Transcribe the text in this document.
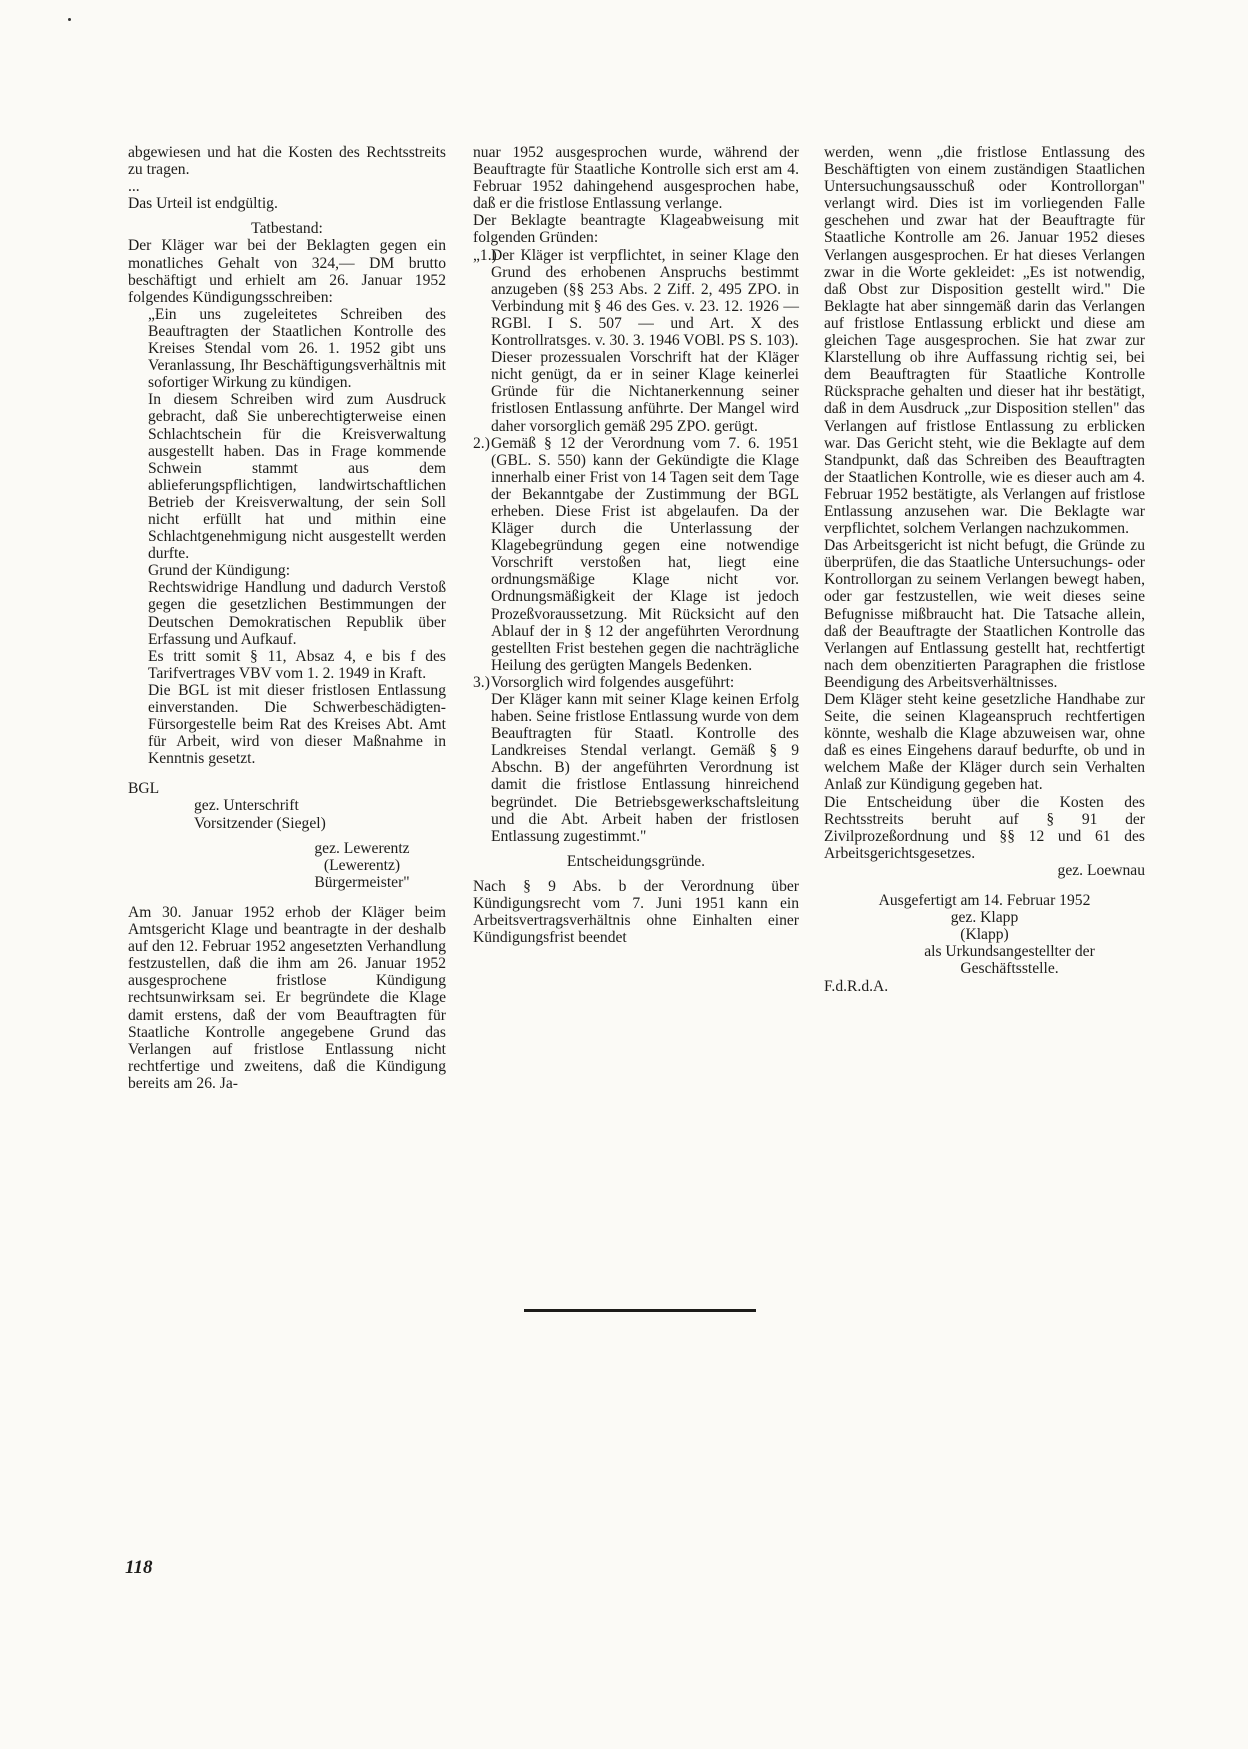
abgewiesen und hat die Kosten des Rechtsstreits zu tragen.

...

Das Urteil ist endgültig.

Tatbestand:

Der Kläger war bei der Beklagten gegen ein monatliches Gehalt von 324,— DM brutto beschäftigt und erhielt am 26. Januar 1952 folgendes Kündigungsschreiben:

„Ein uns zugeleitetes Schreiben des Beauftragten der Staatlichen Kontrolle des Kreises Stendal vom 26. 1. 1952 gibt uns Veranlassung, Ihr Beschäftigungsverhältnis mit sofortiger Wirkung zu kündigen.

In diesem Schreiben wird zum Ausdruck gebracht, daß Sie unberechtigterweise einen Schlachtschein für die Kreisverwaltung ausgestellt haben. Das in Frage kommende Schwein stammt aus dem ablieferungspflichtigen, landwirtschaftlichen Betrieb der Kreisverwaltung, der sein Soll nicht erfüllt hat und mithin eine Schlachtgenehmigung nicht ausgestellt werden durfte.

Grund der Kündigung:

Rechtswidrige Handlung und dadurch Verstoß gegen die gesetzlichen Bestimmungen der Deutschen Demokratischen Republik über Erfassung und Aufkauf.

Es tritt somit § 11, Absaz 4, e bis f des Tarifvertrages VBV vom 1. 2. 1949 in Kraft.

Die BGL ist mit dieser fristlosen Entlassung einverstanden. Die Schwerbeschädigten-Fürsorgestelle beim Rat des Kreises Abt. Amt für Arbeit, wird von dieser Maßnahme in Kenntnis gesetzt.

BGL

gez. Unterschrift

Vorsitzender (Siegel)

gez. Lewerentz

(Lewerentz)

Bürgermeister"

Am 30. Januar 1952 erhob der Kläger beim Amtsgericht Klage und beantragte in der deshalb auf den 12. Februar 1952 angesetzten Verhandlung festzustellen, daß die ihm am 26. Januar 1952 ausgesprochene fristlose Kündigung rechtsunwirksam sei. Er begründete die Klage damit erstens, daß der vom Beauftragten für Staatliche Kontrolle angegebene Grund das Verlangen auf fristlose Entlassung nicht rechtfertige und zweitens, daß die Kündigung bereits am 26. Ja-

nuar 1952 ausgesprochen wurde, während der Beauftragte für Staatliche Kontrolle sich erst am 4. Februar 1952 dahingehend ausgesprochen habe, daß er die fristlose Entlassung verlange.

Der Beklagte beantragte Klageabweisung mit folgenden Gründen:

„1.)

Der Kläger ist verpflichtet, in seiner Klage den Grund des erhobenen Anspruchs bestimmt anzugeben (§§ 253 Abs. 2 Ziff. 2, 495 ZPO. in Verbindung mit § 46 des Ges. v. 23. 12. 1926 — RGBl. I S. 507 — und Art. X des Kontrollratsges. v. 30. 3. 1946 VOBl. PS S. 103).

Dieser prozessualen Vorschrift hat der Kläger nicht genügt, da er in seiner Klage keinerlei Gründe für die Nichtanerkennung seiner fristlosen Entlassung anführte. Der Mangel wird daher vorsorglich gemäß 295 ZPO. gerügt.

2.) Gemäß § 12 der Verordnung vom 7. 6. 1951 (GBL. S. 550) kann der Gekündigte die Klage innerhalb einer Frist von 14 Tagen seit dem Tage der Bekanntgabe der Zustimmung der BGL erheben. Diese Frist ist abgelaufen. Da der Kläger durch die Unterlassung der Klagebegründung gegen eine notwendige Vorschrift verstoßen hat, liegt eine ordnungsmäßige Klage nicht vor. Ordnungsmäßigkeit der Klage ist jedoch Prozeßvoraussetzung. Mit Rücksicht auf den Ablauf der in § 12 der angeführten Verordnung gestellten Frist bestehen gegen die nachträgliche Heilung des gerügten Mangels Bedenken.

3.) Vorsorglich wird folgendes ausgeführt:

Der Kläger kann mit seiner Klage keinen Erfolg haben. Seine fristlose Entlassung wurde von dem Beauftragten für Staatl. Kontrolle des Landkreises Stendal verlangt. Gemäß § 9 Abschn. B) der angeführten Verordnung ist damit die fristlose Entlassung hinreichend begründet. Die Betriebsgewerkschaftsleitung und die Abt. Arbeit haben der fristlosen Entlassung zugestimmt."

Entscheidungsgründe.

Nach § 9 Abs. b der Verordnung über Kündigungsrecht vom 7. Juni 1951 kann ein Arbeitsvertragsverhältnis ohne Einhalten einer Kündigungsfrist beendet

werden, wenn „die fristlose Entlassung des Beschäftigten von einem zuständigen Staatlichen Untersuchungsausschuß oder Kontrollorgan" verlangt wird. Dies ist im vorliegenden Falle geschehen und zwar hat der Beauftragte für Staatliche Kontrolle am 26. Januar 1952 dieses Verlangen ausgesprochen. Er hat dieses Verlangen zwar in die Worte gekleidet: „Es ist notwendig, daß Obst zur Disposition gestellt wird." Die Beklagte hat aber sinngemäß darin das Verlangen auf fristlose Entlassung erblickt und diese am gleichen Tage ausgesprochen. Sie hat zwar zur Klarstellung ob ihre Auffassung richtig sei, bei dem Beauftragten für Staatliche Kontrolle Rücksprache gehalten und dieser hat ihr bestätigt, daß in dem Ausdruck „zur Disposition stellen" das Verlangen auf fristlose Entlassung zu erblicken war. Das Gericht steht, wie die Beklagte auf dem Standpunkt, daß das Schreiben des Beauftragten der Staatlichen Kontrolle, wie es dieser auch am 4. Februar 1952 bestätigte, als Verlangen auf fristlose Entlassung anzusehen war. Die Beklagte war verpflichtet, solchem Verlangen nachzukommen.

Das Arbeitsgericht ist nicht befugt, die Gründe zu überprüfen, die das Staatliche Untersuchungs- oder Kontrollorgan zu seinem Verlangen bewegt haben, oder gar festzustellen, wie weit dieses seine Befugnisse mißbraucht hat. Die Tatsache allein, daß der Beauftragte der Staatlichen Kontrolle das Verlangen auf Entlassung gestellt hat, rechtfertigt nach dem obenzitierten Paragraphen die fristlose Beendigung des Arbeitsverhältnisses.

Dem Kläger steht keine gesetzliche Handhabe zur Seite, die seinen Klageanspruch rechtfertigen könnte, weshalb die Klage abzuweisen war, ohne daß es eines Eingehens darauf bedurfte, ob und in welchem Maße der Kläger durch sein Verhalten Anlaß zur Kündigung gegeben hat.

Die Entscheidung über die Kosten des Rechtsstreits beruht auf § 91 der Zivilprozeßordnung und §§ 12 und 61 des Arbeitsgerichtsgesetzes.

gez. Loewnau

Ausgefertigt am 14. Februar 1952

gez. Klapp

(Klapp)

als Urkundsangestellter der Geschäftsstelle.

F.d.R.d.A.

118
